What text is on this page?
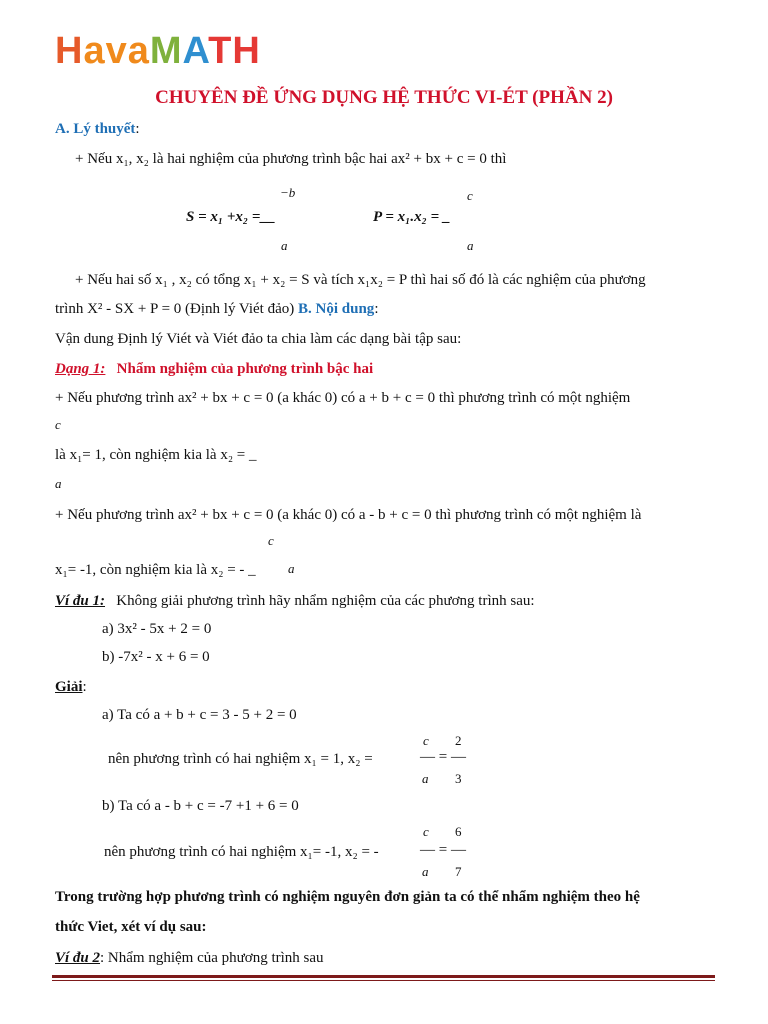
HavaMATH
CHUYÊN ĐỀ ỨNG DỤNG HỆ THỨC VI-ÉT (PHẦN 2)
A. Lý thuyết:
+ Nếu x₁, x₂ là hai nghiệm của phương trình bậc hai ax² + bx + c = 0 thì
−b
S = x₁ +x₂ =__
a
c
P = x₁.x₂ = _
a
+ Nếu hai số x₁ , x₂ có tổng x₁ + x₂ = S và tích x₁x₂ = P thì hai số đó là các nghiệm của phương
trình X² - SX + P = 0 (Định lý Viét đảo) B. Nội dung:
Vận dung Định lý Viét và Viét đảo ta chia làm các dạng bài tập sau:
Dạng 1: Nhẩm nghiệm của phương trình bậc hai
+ Nếu phương trình ax² + bx + c = 0 (a khác 0) có a + b + c = 0 thì phương trình có một nghiệm
c
là x₁= 1, còn nghiệm kia là x₂ = _
a
+ Nếu phương trình ax² + bx + c = 0 (a khác 0) có a - b + c = 0 thì phương trình có một nghiệm là
c
x₁= -1, còn nghiệm kia là x₂ = - _ a
Ví đu 1: Không giải phương trình hãy nhẩm nghiệm của các phương trình sau:
a) 3x² - 5x + 2 = 0
b) -7x² - x + 6 = 0
Giải:
a) Ta có a + b + c = 3 - 5 + 2 = 0
c 2
nên phương trình có hai nghiệm x₁ = 1, x₂ =	— = —
a 3
b) Ta có a - b + c = -7 +1 + 6 = 0
c 6
nên phương trình có hai nghiệm x₁= -1, x₂ = -	— = —
a 7
Trong trường hợp phương trình có nghiệm nguyên đơn giản ta có thể nhẩm nghiệm theo hệ
thức Viet, xét ví dụ sau:
Ví đu 2: Nhẩm nghiệm của phương trình sau
